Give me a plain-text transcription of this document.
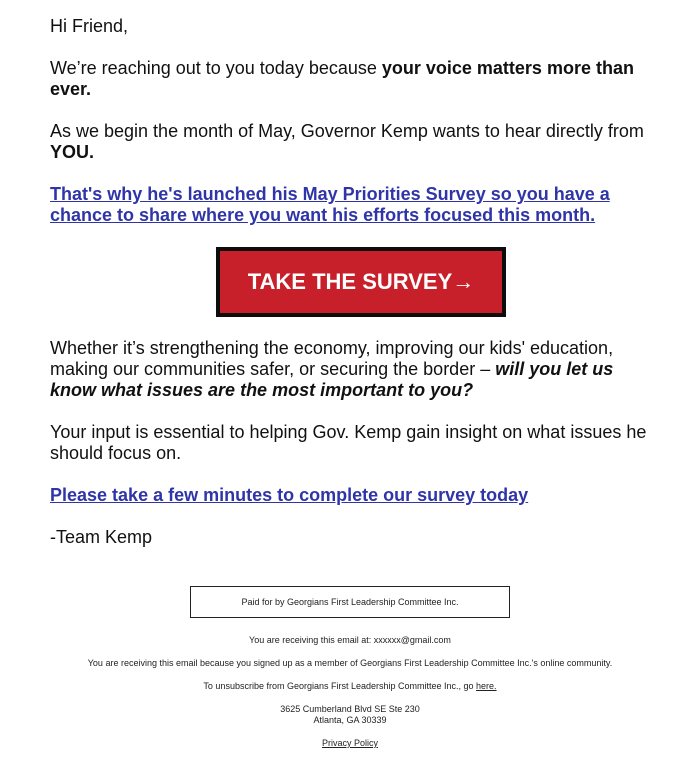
Hi Friend,

We’re reaching out to you today because your voice matters more than ever.

As we begin the month of May, Governor Kemp wants to hear directly from YOU.

That's why he's launched his May Priorities Survey so you have a chance to share where you want his efforts focused this month.

TAKE THE SURVEY→

Whether it’s strengthening the economy, improving our kids' education, making our communities safer, or securing the border – will you let us know what issues are the most important to you?

Your input is essential to helping Gov. Kemp gain insight on what issues he should focus on.

Please take a few minutes to complete our survey today

-Team Kemp

Paid for by Georgians First Leadership Committee Inc.

You are receiving this email at: xxxxxx@gmail.com

You are receiving this email because you signed up as a member of Georgians First Leadership Committee Inc.'s online community.

To unsubscribe from Georgians First Leadership Committee Inc., go here.

3625 Cumberland Blvd SE Ste 230
Atlanta, GA 30339

Privacy Policy
